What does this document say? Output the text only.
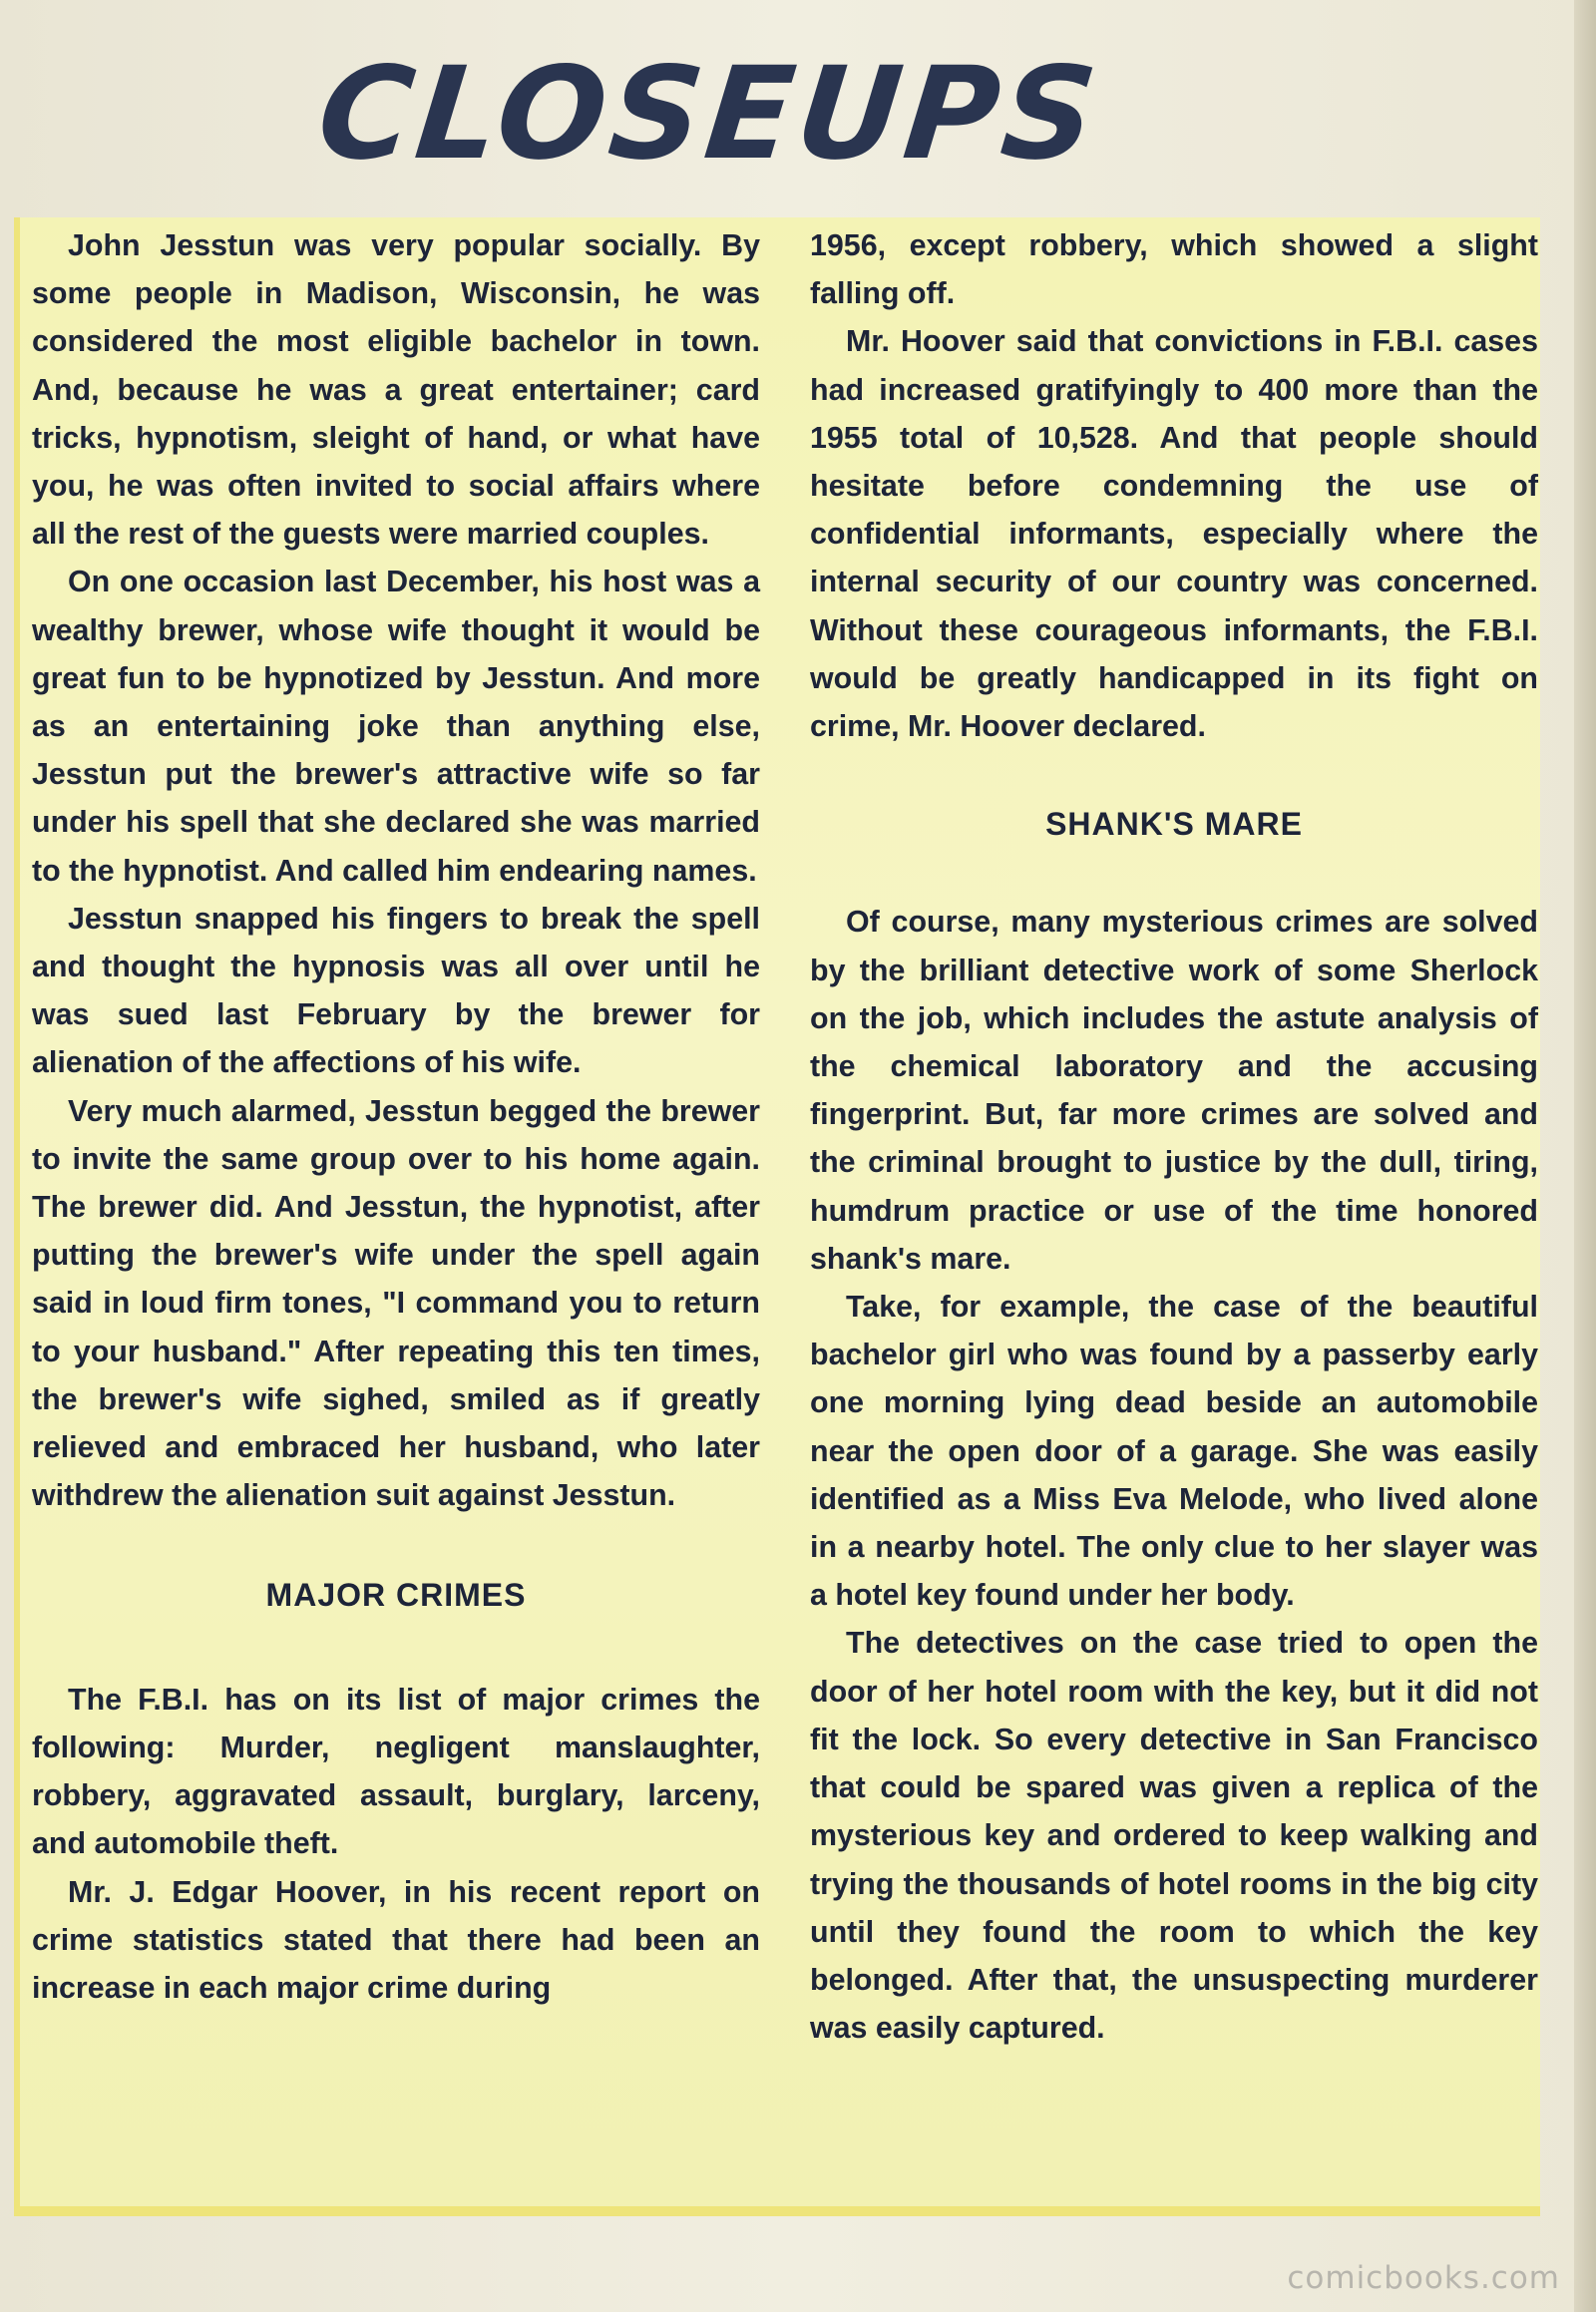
CLOSEUPS

John Jesstun was very popular socially. By some people in Madison, Wisconsin, he was considered the most eligible bachelor in town. And, because he was a great entertainer; card tricks, hypnotism, sleight of hand, or what have you, he was often invited to social affairs where all the rest of the guests were married couples.

On one occasion last December, his host was a wealthy brewer, whose wife thought it would be great fun to be hypnotized by Jesstun. And more as an entertaining joke than anything else, Jesstun put the brewer's attractive wife so far under his spell that she declared she was married to the hypnotist. And called him endearing names.

Jesstun snapped his fingers to break the spell and thought the hypnosis was all over until he was sued last February by the brewer for alienation of the affections of his wife.

Very much alarmed, Jesstun begged the brewer to invite the same group over to his home again. The brewer did. And Jesstun, the hypnotist, after putting the brewer's wife under the spell again said in loud firm tones, "I command you to return to your husband." After repeating this ten times, the brewer's wife sighed, smiled as if greatly relieved and embraced her husband, who later withdrew the alienation suit against Jesstun.

MAJOR CRIMES

The F.B.I. has on its list of major crimes the following: Murder, negligent manslaughter, robbery, aggravated assault, burglary, larceny, and automobile theft.

Mr. J. Edgar Hoover, in his recent report on crime statistics stated that there had been an increase in each major crime during

1956, except robbery, which showed a slight falling off.

Mr. Hoover said that convictions in F.B.I. cases had increased gratifyingly to 400 more than the 1955 total of 10,528. And that people should hesitate before condemning the use of confidential informants, especially where the internal security of our country was concerned. Without these courageous informants, the F.B.I. would be greatly handicapped in its fight on crime, Mr. Hoover declared.

SHANK'S MARE

Of course, many mysterious crimes are solved by the brilliant detective work of some Sherlock on the job, which includes the astute analysis of the chemical laboratory and the accusing fingerprint. But, far more crimes are solved and the criminal brought to justice by the dull, tiring, humdrum practice or use of the time honored shank's mare.

Take, for example, the case of the beautiful bachelor girl who was found by a passerby early one morning lying dead beside an automobile near the open door of a garage. She was easily identified as a Miss Eva Melode, who lived alone in a nearby hotel. The only clue to her slayer was a hotel key found under her body.

The detectives on the case tried to open the door of her hotel room with the key, but it did not fit the lock. So every detective in San Francisco that could be spared was given a replica of the mysterious key and ordered to keep walking and trying the thousands of hotel rooms in the big city until they found the room to which the key belonged. After that, the unsuspecting murderer was easily captured.

comicbooks.com
